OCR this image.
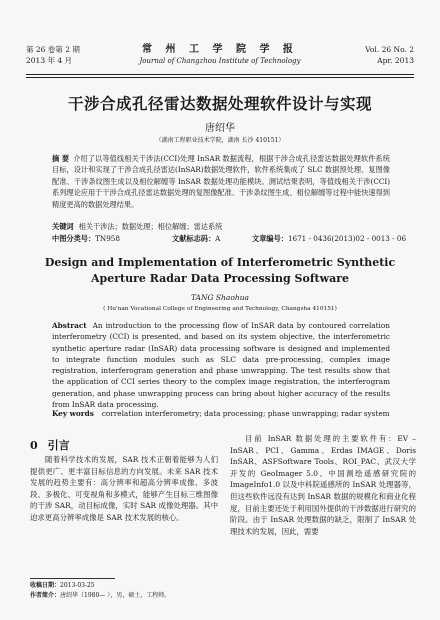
第 26 卷第 2 期
2013 年 4 月
常 州 工 学 院 学 报
Journal of Changzhou Institute of Technology
Vol. 26 No. 2
Apr. 2013
干涉合成孔径雷达数据处理软件设计与实现
唐绍华
（湖南工程职业技术学院，湖南 长沙 410151）
摘 要 介绍了以等值线相关干涉法(CCI)处理 InSAR 数据流程，根据干涉合成孔径雷达数据处理软件系统目标，设计和实现了干涉合成孔径雷达(InSAR)数据处理软件，软件系统集成了 SLC 数据预处理、复图像配准、干涉条纹图生成以及相位解缠等 InSAR 数据处理功能模块。测试结果表明，等值线相关干涉(CCI)系列理论应用于干涉合成孔径雷达数据处理的复图像配准、干涉条纹图生成、相位解缠等过程中能快速得到精度更高的数据处理结果。
关键词 相关干涉法；数据处理；相位解缠；雷达系统
中图分类号：TN958	文献标志码：A	文章编号：1671 - 0436(2013)02 - 0013 - 06
Design and Implementation of Interferometric Synthetic Aperture Radar Data Processing Software
TANG Shaohua
( Hu'nan Vocational College of Engineering and Technology, Changsha 410151)
Abstract An introduction to the processing flow of InSAR data by contoured correlation interferometry (CCI) is presented, and based on its system objective, the interferometric synthetic aperture radar (InSAR) data processing software is designed and implemented to integrate function modules such as SLC data pre-processing, complex image registration, interferogram generation and phase unwrapping. The test results show that the application of CCI series theory to the complex image registration, the interferogram generation, and phase unwrapping process can bring about higher accuracy of the results from InSAR data processing.
Key words correlation interferometry; data processing; phase unwrapping; radar system
0 引言
随着科学技术的发展，SAR 技术正朝着能够为人们提供更广、更丰富目标信息的方向发展。未来 SAR 技术发展的趋势主要有：高分辨率和超高分辨率成像、多波段、多极化、可变视角和多模式，能够产生目标三维图像的干涉 SAR，动目标成像，实时 SAR 成像处理器。其中迫求更高分辨率成像是 SAR 技术发展的核心。
目前 InSAR 数据处理的主要软件有：EV – InSAR、PCI、Gamma、Erdas IMAGE、Doris InSAR、ASFSoftware Tools、ROI_PAC、武汉大学开发的 GeoImager 5.0、中国测绘遥感研究院的 ImageInfo1.0 以及中科院遥感所的 InSAR 处理器等，但这些软件远没有达到 InSAR 数据的规模化和商业化程度，目前主要还处于利用国外提供的干涉数据进行研究的阶段。由于 InSAR 处理数据的缺乏，限制了 InSAR 处理技术的发展，因此，需要
收稿日期：2013-03-25
作者简介：唐绍华（1980— ），男，硕士，工程师。
